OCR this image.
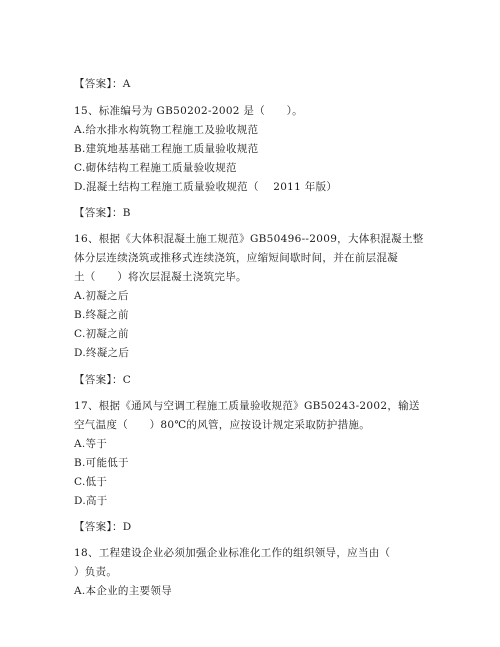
【答案】：A
15、标准编号为 GB50202-2002 是（　　）。
A.给水排水构筑物工程施工及验收规范
B.建筑地基基础工程施工质量验收规范
C.砌体结构工程施工质量验收规范
D.混凝土结构工程施工质量验收规范（　 2011 年版）
【答案】：B
16、根据《大体积混凝土施工规范》GB50496--2009，大体积混凝土整
体分层连续浇筑或推移式连续浇筑，应缩短间歇时间，并在前层混凝
土（　　）将次层混凝土浇筑完毕。
A.初凝之后
B.终凝之前
C.初凝之前
D.终凝之后
【答案】：C
17、根据《通风与空调工程施工质量验收规范》GB50243-2002，输送
空气温度（　　）80℃的风管，应按设计规定采取防护措施。
A.等于
B.可能低于
C.低于
D.高于
【答案】：D
18、工程建设企业必须加强企业标准化工作的组织领导，应当由（
）负责。
A.本企业的主要领导
